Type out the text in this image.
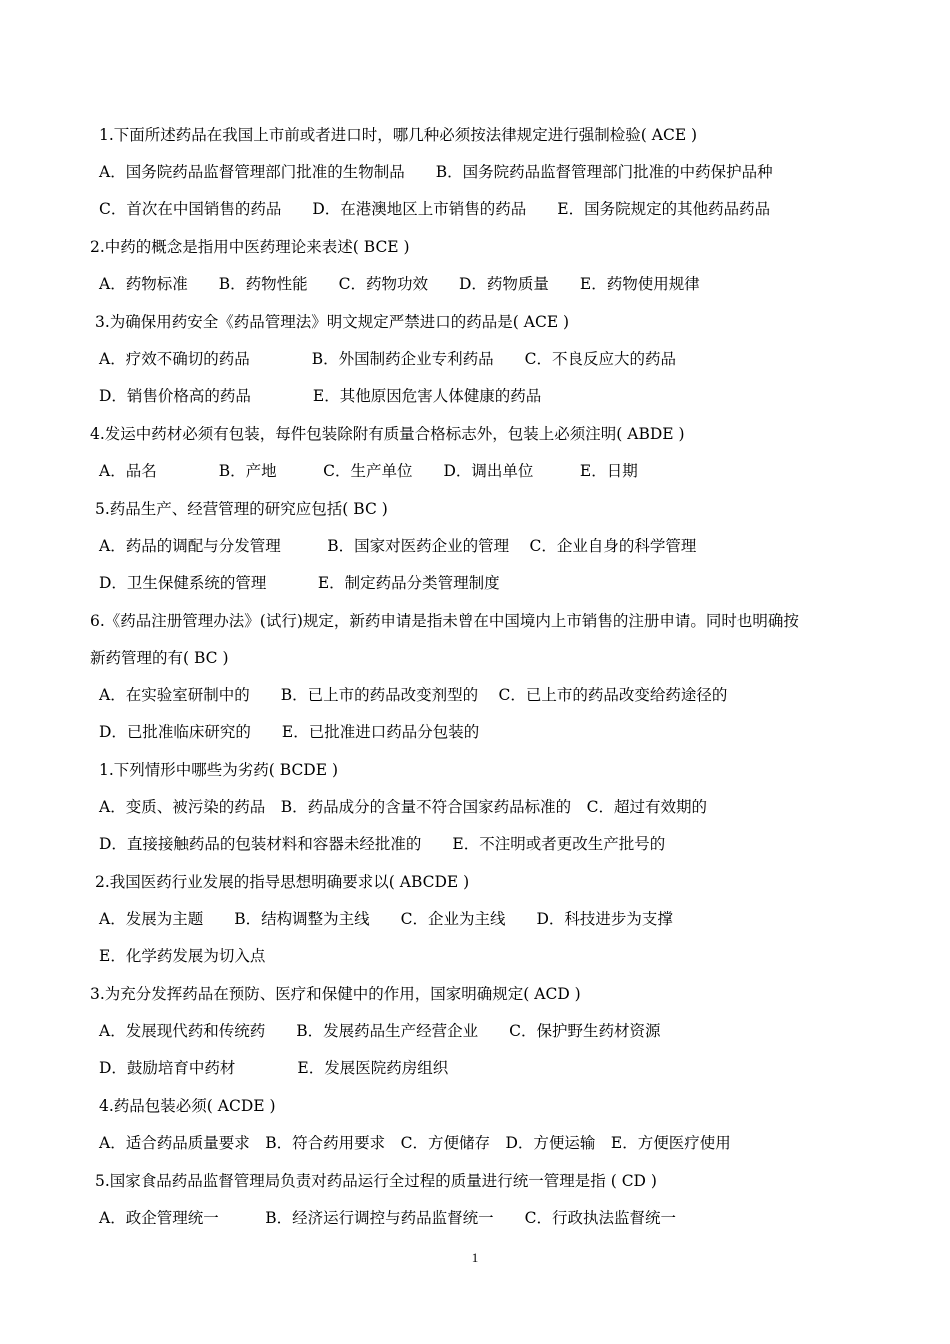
1.下面所述药品在我国上市前或者进口时，哪几种必须按法律规定进行强制检验( ACE )
A．国务院药品监督管理部门批准的生物制品　　B．国务院药品监督管理部门批准的中药保护品种
C．首次在中国销售的药品　　D．在港澳地区上市销售的药品　　E．国务院规定的其他药品药品
2.中药的概念是指用中医药理论来表述( BCE )
A．药物标准　　B．药物性能　　C．药物功效　　D．药物质量　　E．药物使用规律
3.为确保用药安全《药品管理法》明文规定严禁进口的药品是( ACE )
A．疗效不确切的药品　　　　B．外国制药企业专利药品　　C．不良反应大的药品
D．销售价格高的药品　　　　E．其他原因危害人体健康的药品
4.发运中药材必须有包装，每件包装除附有质量合格标志外，包装上必须注明( ABDE )
A．品名　　　　B．产地　　　C．生产单位　　D．调出单位　　　E．日期
5.药品生产、经营管理的研究应包括( BC )
A．药品的调配与分发管理　　　B．国家对医药企业的管理　 C．企业自身的科学管理
D．卫生保健系统的管理　　　 E．制定药品分类管理制度
6.《药品注册管理办法》(试行)规定，新药申请是指未曾在中国境内上市销售的注册申请。同时也明确按
新药管理的有( BC )
A．在实验室研制中的　　B．已上市的药品改变剂型的　 C．已上市的药品改变给药途径的
D．已批准临床研究的　　E．已批准进口药品分包装的
1.下列情形中哪些为劣药( BCDE )
A．变质、被污染的药品　B．药品成分的含量不符合国家药品标准的　C．超过有效期的
D．直接接触药品的包装材料和容器未经批准的　　E．不注明或者更改生产批号的
2.我国医药行业发展的指导思想明确要求以( ABCDE )
A．发展为主题　　B．结构调整为主线　　C．企业为主线　　D．科技进步为支撑
E．化学药发展为切入点
3.为充分发挥药品在预防、医疗和保健中的作用，国家明确规定( ACD )
A．发展现代药和传统药　　B．发展药品生产经营企业　　C．保护野生药材资源
D．鼓励培育中药材　　　　E．发展医院药房组织
4.药品包装必须( ACDE )
A．适合药品质量要求　B．符合药用要求　C．方便储存　D．方便运输　E．方便医疗使用
5.国家食品药品监督管理局负责对药品运行全过程的质量进行统一管理是指 ( CD )
A．政企管理统一　　　B．经济运行调控与药品监督统一　　C．行政执法监督统一
1
